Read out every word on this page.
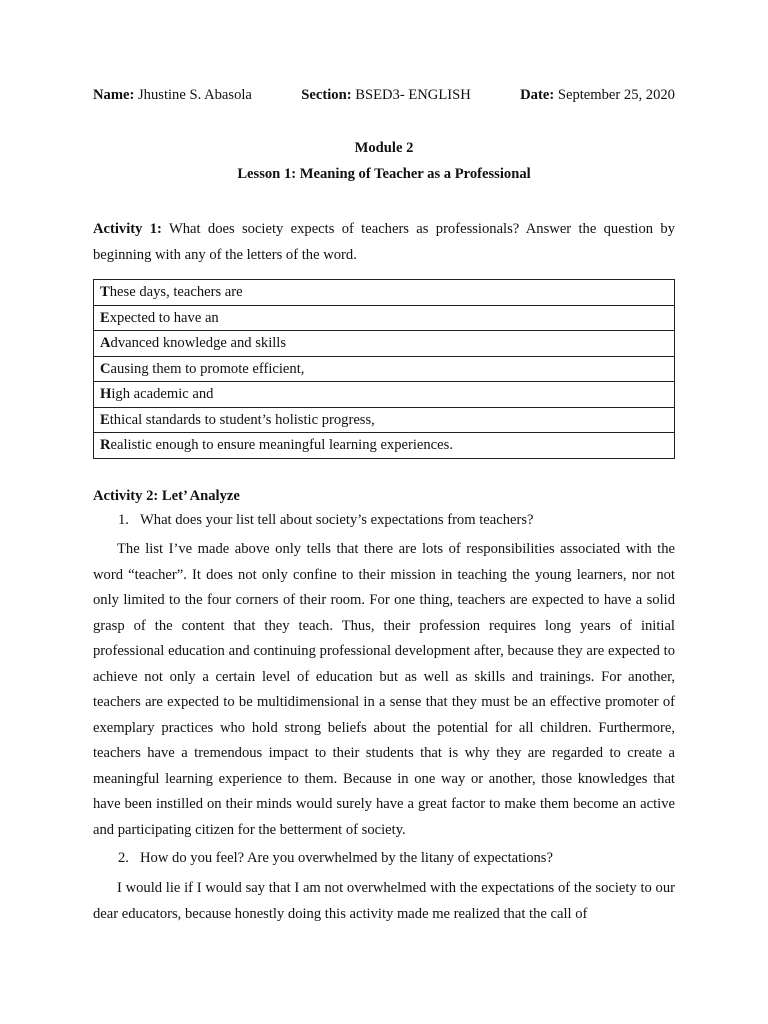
Name: Jhustine S. Abasola	Section: BSED3- ENGLISH	Date: September 25, 2020
Module 2
Lesson 1: Meaning of Teacher as a Professional
Activity 1: What does society expects of teachers as professionals? Answer the question by beginning with any of the letters of the word.
These days, teachers are
Expected to have an
Advanced knowledge and skills
Causing them to promote efficient,
High academic and
Ethical standards to student’s holistic progress,
Realistic enough to ensure meaningful learning experiences.
Activity 2: Let’ Analyze
1. What does your list tell about society’s expectations from teachers?
The list I’ve made above only tells that there are lots of responsibilities associated with the word “teacher”. It does not only confine to their mission in teaching the young learners, nor not only limited to the four corners of their room. For one thing, teachers are expected to have a solid grasp of the content that they teach. Thus, their profession requires long years of initial professional education and continuing professional development after, because they are expected to achieve not only a certain level of education but as well as skills and trainings. For another, teachers are expected to be multidimensional in a sense that they must be an effective promoter of exemplary practices who hold strong beliefs about the potential for all children. Furthermore, teachers have a tremendous impact to their students that is why they are regarded to create a meaningful learning experience to them. Because in one way or another, those knowledges that have been instilled on their minds would surely have a great factor to make them become an active and participating citizen for the betterment of society.
2. How do you feel? Are you overwhelmed by the litany of expectations?
I would lie if I would say that I am not overwhelmed with the expectations of the society to our dear educators, because honestly doing this activity made me realized that the call of
